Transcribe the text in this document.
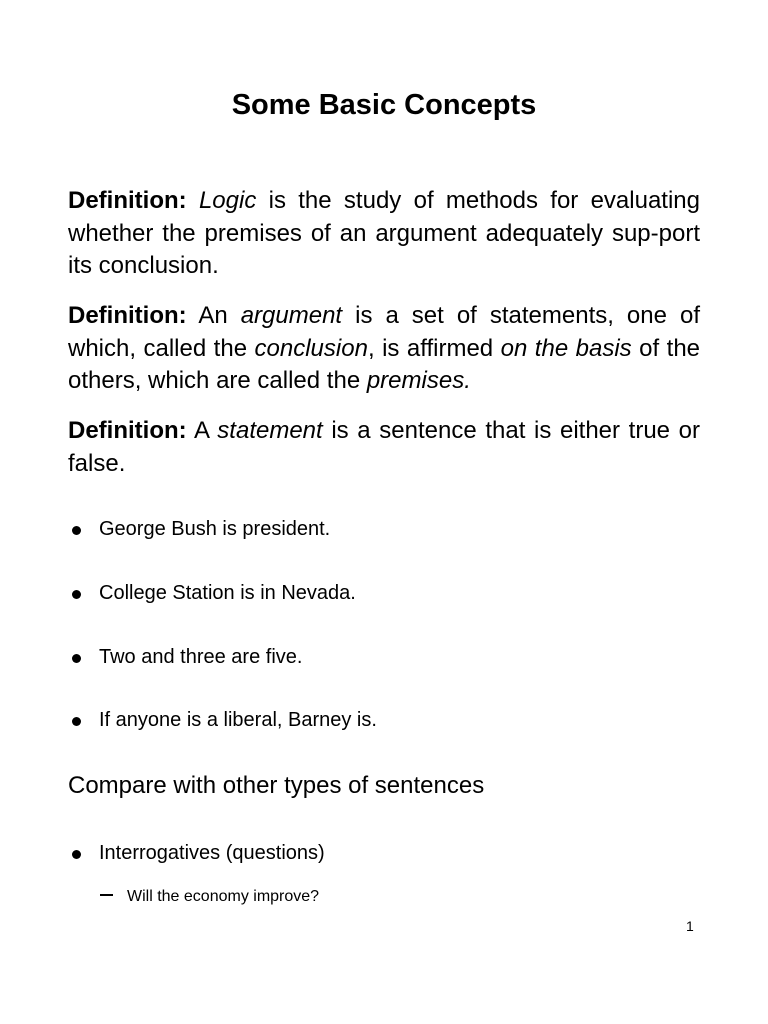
Some Basic Concepts
Definition: Logic is the study of methods for evaluating whether the premises of an argument adequately sup-port its conclusion.
Definition: An argument is a set of statements, one of which, called the conclusion, is affirmed on the basis of the others, which are called the premises.
Definition: A statement is a sentence that is either true or false.
George Bush is president.
College Station is in Nevada.
Two and three are five.
If anyone is a liberal, Barney is.
Compare with other types of sentences
Interrogatives (questions)
Will the economy improve?
1
